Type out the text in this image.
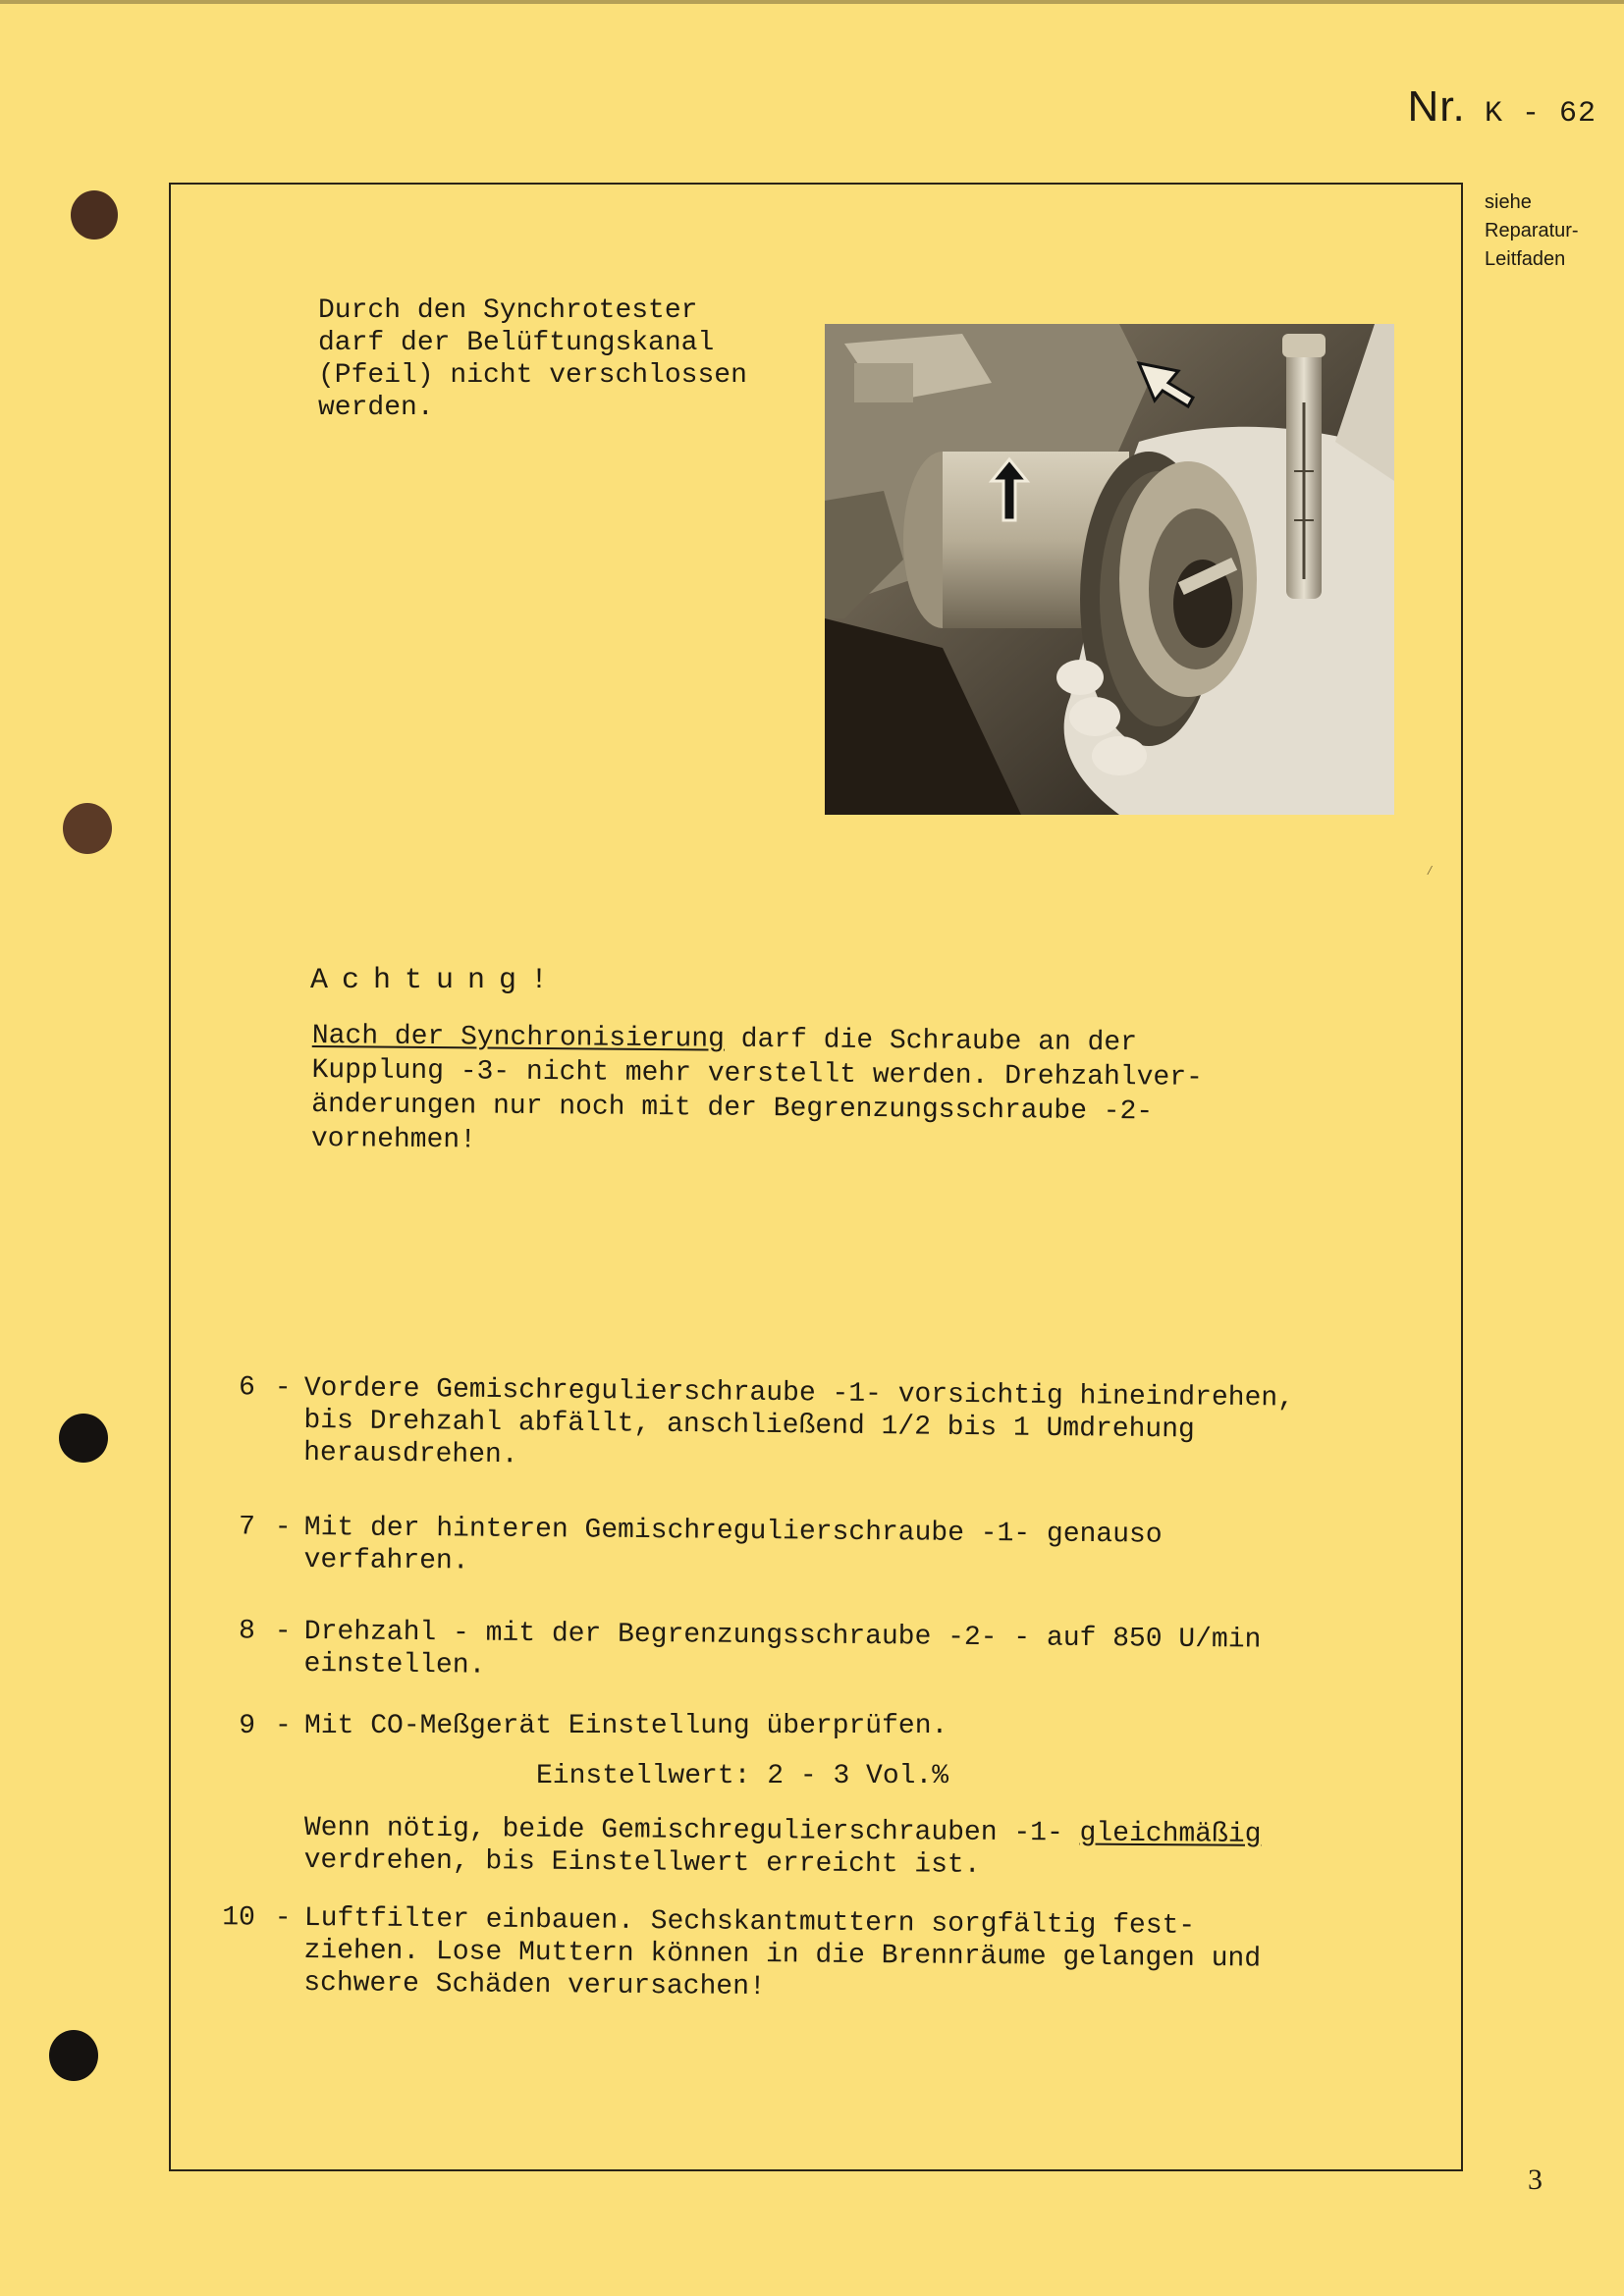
Nr. K - 62
siehe
Reparatur-
Leitfaden
Durch den Synchrotester
darf der Belüftungskanal
(Pfeil) nicht verschlossen
werden.
⁄
Achtung!
Nach der Synchronisierung darf die Schraube an der
Kupplung -3- nicht mehr verstellt werden. Drehzahlver-
änderungen nur noch mit der Begrenzungsschraube -2-
vornehmen!
6 - Vordere Gemischregulierschraube -1- vorsichtig hineindrehen,
bis Drehzahl abfällt, anschließend 1/2 bis 1 Umdrehung
herausdrehen.
7 - Mit der hinteren Gemischregulierschraube -1- genauso
verfahren.
8 - Drehzahl - mit der Begrenzungsschraube -2- - auf 850 U/min
einstellen.
9 - Mit CO-Meßgerät Einstellung überprüfen.
Einstellwert: 2 - 3 Vol.%
Wenn nötig, beide Gemischregulierschrauben -1- gleichmäßig
verdrehen, bis Einstellwert erreicht ist.
10 - Luftfilter einbauen. Sechskantmuttern sorgfältig fest-
ziehen. Lose Muttern können in die Brennräume gelangen und
schwere Schäden verursachen!
3
